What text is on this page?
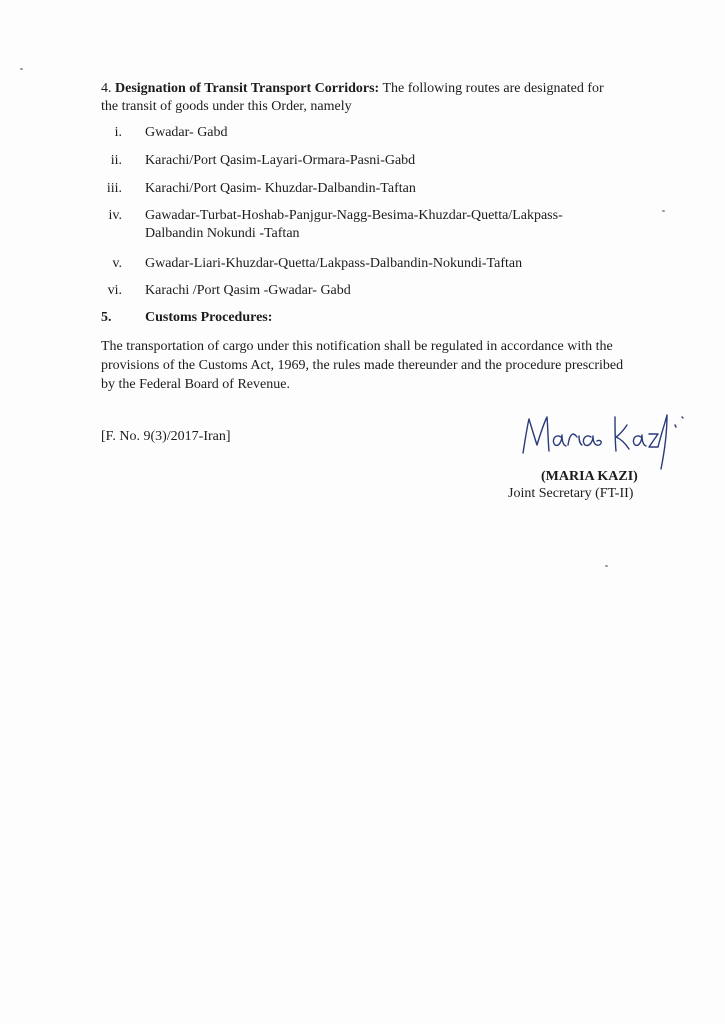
4. Designation of Transit Transport Corridors: The following routes are designated for
the transit of goods under this Order, namely
i. Gwadar- Gabd
ii. Karachi/Port Qasim-Layari-Ormara-Pasni-Gabd
iii. Karachi/Port Qasim- Khuzdar-Dalbandin-Taftan
iv. Gawadar-Turbat-Hoshab-Panjgur-Nagg-Besima-Khuzdar-Quetta/Lakpass-
Dalbandin Nokundi -Taftan
v. Gwadar-Liari-Khuzdar-Quetta/Lakpass-Dalbandin-Nokundi-Taftan
vi. Karachi /Port Qasim -Gwadar- Gabd
5. Customs Procedures:
The transportation of cargo under this notification shall be regulated in accordance with the
provisions of the Customs Act, 1969, the rules made thereunder and the procedure prescribed
by the Federal Board of Revenue.
[F. No. 9(3)/2017-Iran]
(MARIA KAZI)
Joint Secretary (FT-II)
